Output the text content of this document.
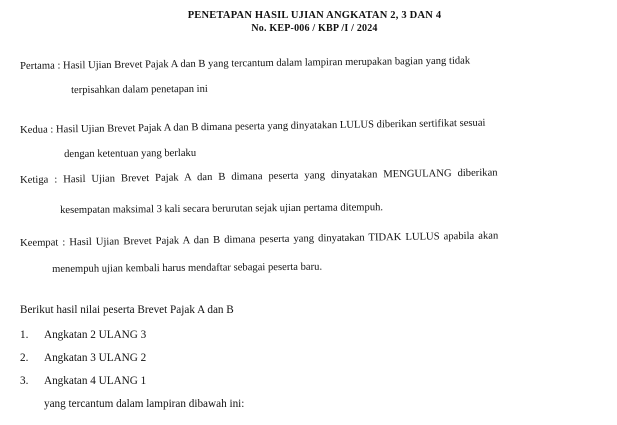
PENETAPAN HASIL UJIAN ANGKATAN 2, 3 DAN 4
No. KEP-006 / KBP /I / 2024
Pertama : Hasil Ujian Brevet Pajak A dan B yang tercantum dalam lampiran merupakan bagian yang tidak
terpisahkan dalam penetapan ini
Kedua : Hasil Ujian Brevet Pajak A dan B dimana peserta yang dinyatakan LULUS diberikan sertifikat sesuai
dengan ketentuan yang berlaku
Ketiga : Hasil Ujian Brevet Pajak A dan B dimana peserta yang dinyatakan MENGULANG diberikan
kesempatan maksimal 3 kali secara berurutan sejak ujian pertama ditempuh.
Keempat : Hasil Ujian Brevet Pajak A dan B dimana peserta yang dinyatakan TIDAK LULUS apabila akan
menempuh ujian kembali harus mendaftar sebagai peserta baru.
Berikut hasil nilai peserta Brevet Pajak A dan B
1. Angkatan 2 ULANG 3
2. Angkatan 3 ULANG 2
3. Angkatan 4 ULANG 1
yang tercantum dalam lampiran dibawah ini:
